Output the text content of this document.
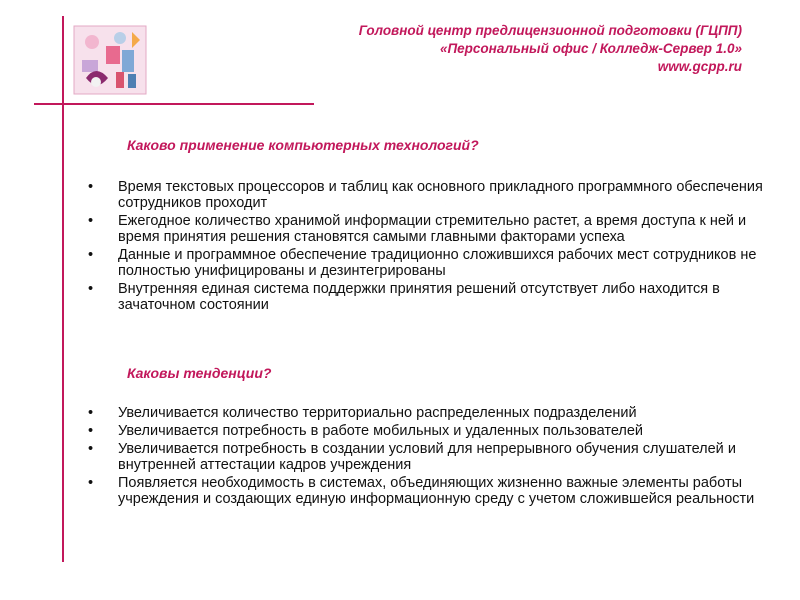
Головной центр предлицензионной подготовки (ГЦПП)
«Персональный офис / Колледж-Сервер 1.0»
www.gcpp.ru
Каково применение компьютерных технологий?
• Время текстовых процессоров и таблиц как основного прикладного программного обеспечения сотрудников проходит
• Ежегодное количество хранимой информации стремительно растет, а время доступа к ней и время принятия решения становятся самыми главными факторами успеха
• Данные и программное обеспечение традиционно сложившихся рабочих мест сотрудников не полностью унифицированы и дезинтегрированы
• Внутренняя единая система поддержки принятия решений отсутствует либо находится в зачаточном состоянии
Каковы тенденции?
• Увеличивается количество территориально распределенных подразделений
• Увеличивается потребность в работе мобильных и удаленных пользователей
• Увеличивается потребность в создании условий для непрерывного обучения слушателей и внутренней аттестации кадров учреждения
• Появляется необходимость в системах, объединяющих жизненно важные элементы работы учреждения и создающих единую информационную среду с учетом сложившейся реальности
